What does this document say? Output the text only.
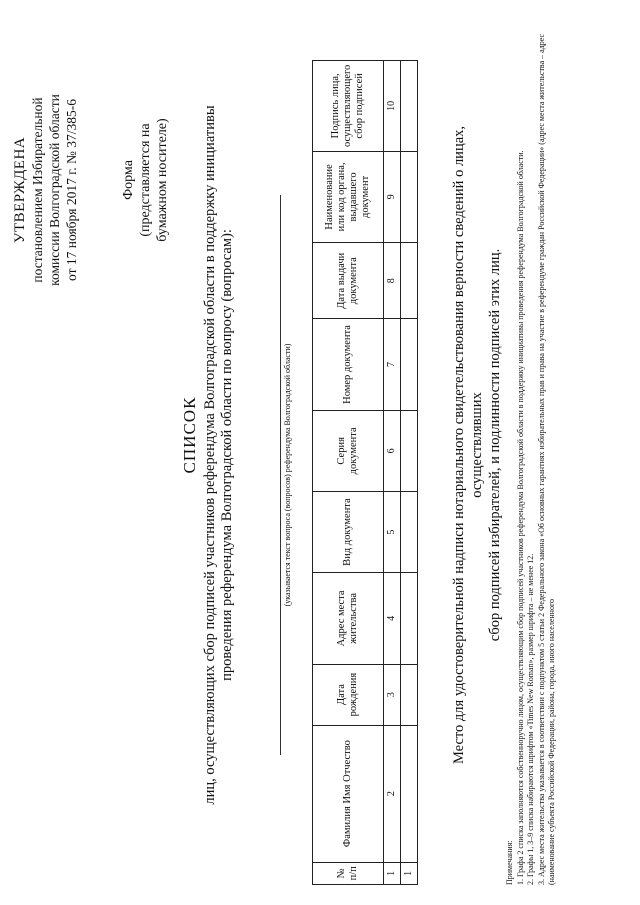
УТВЕРЖДЕНА постановлением Избирательной комиссии Волгоградской области от 17 ноября 2017 г. № 37/385-6	Форма (представляется на бумажном носителе)
СПИСОК лиц, осуществляющих сбор подписей участников референдума Волгоградской области в поддержку инициативы проведения референдума Волгоградской области по вопросу (вопросам):	(указывается текст вопроса (вопросов) референдума Волгоградской области)
№ п/п	Фамилия Имя Отчество	Дата рождения	Адрес места жительства	Вид документа	Серия документа	Номер документа	Дата выдачи документа	Наименование или код органа, выдавшего документ	Подпись лица, осуществляющего сбор подписей
1	2	3	4	5	6	7	8	9	10
1									
Место для удостоверительной надписи нотариального свидетельствования верности сведений о лицах, осуществлявших сбор подписей избирателей, и подлинности подписей этих лиц.
Примечания: 1. Графа 2 списка заполняются собственноручно лицом, осуществляющим сбор подписей участников референдума Волгоградской области в поддержку инициативы проведения референдума Волгоградской области. 2. Графы 1, 3–9 списка набираются шрифтом «Times New Roman», размер шрифта – не менее 12. 3. Адрес места жительства указывается в соответствии с подпунктом 5 статьи 2 Федерального закона «Об основных гарантиях избирательных прав и права на участие в референдуме граждан Российской Федерации» (адрес места жительства – адрес (наименование субъекта Российской Федерации, района, города, иного населенного
